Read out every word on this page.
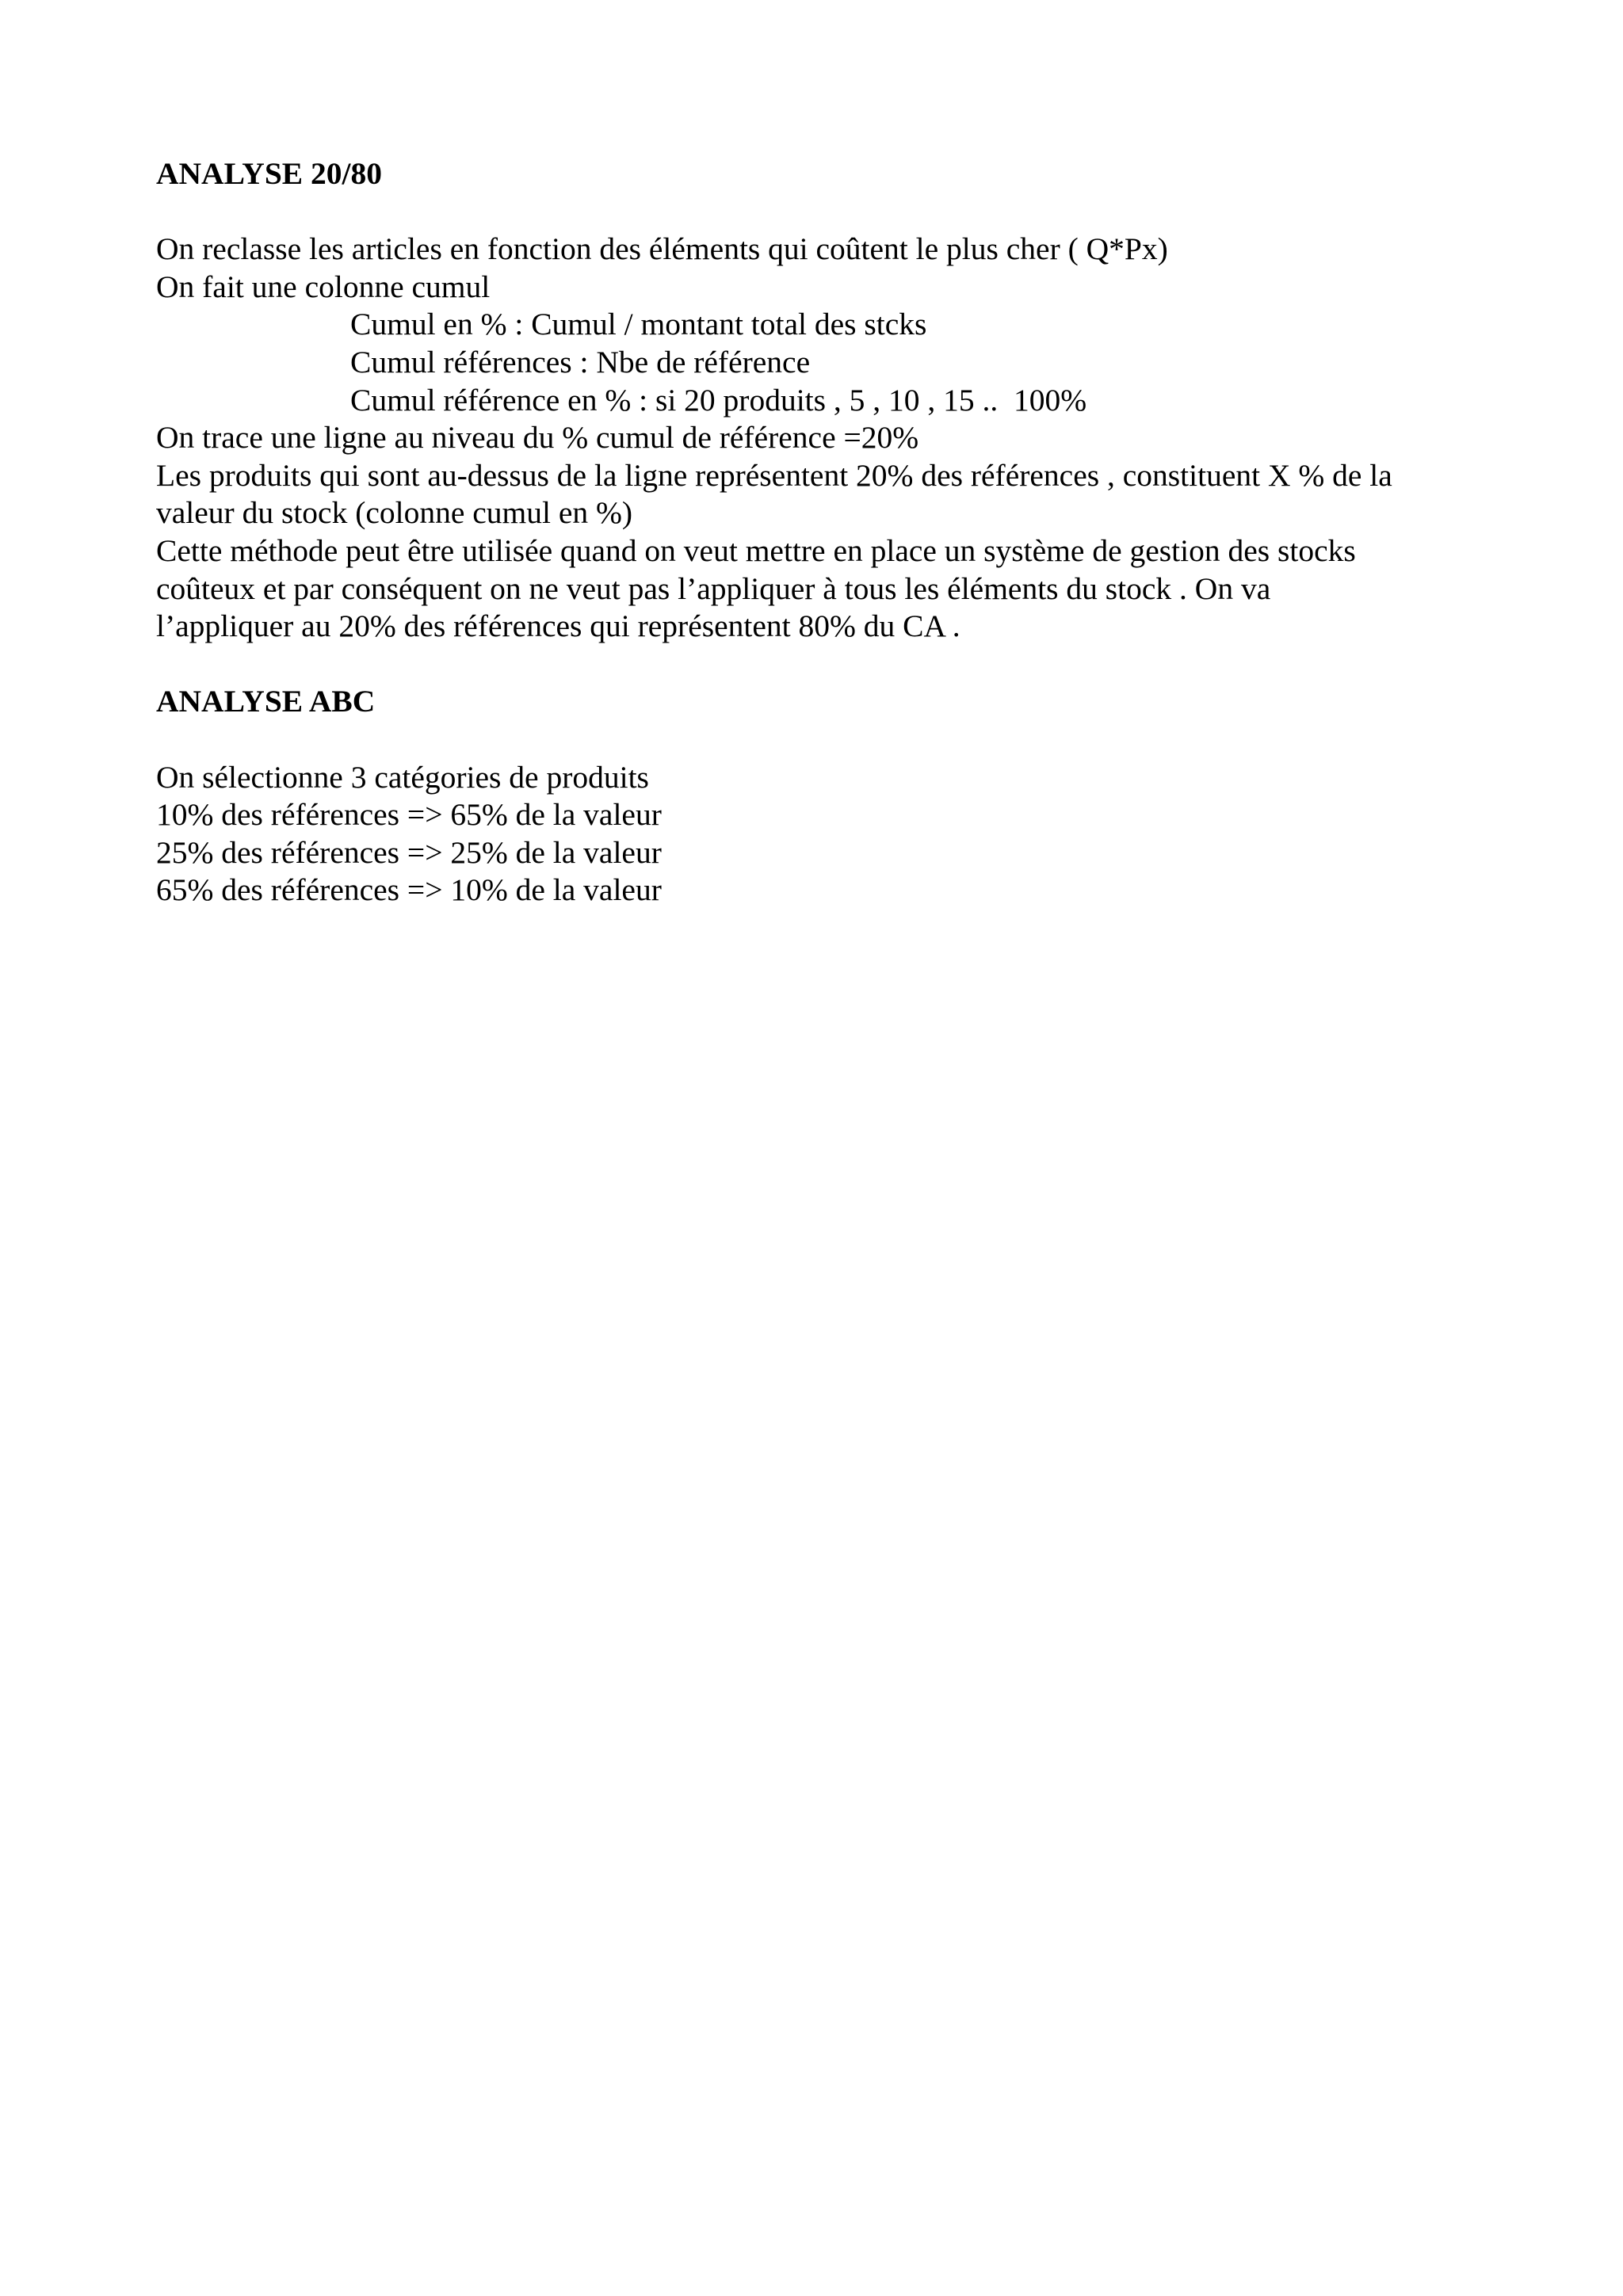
ANALYSE 20/80

On reclasse les articles en fonction des éléments qui coûtent le plus cher ( Q*Px)

On fait une colonne cumul

Cumul en % : Cumul / montant total des stcks

Cumul références : Nbe de référence

Cumul référence en % : si 20 produits , 5 , 10 , 15 ..  100%

On trace une ligne au niveau du % cumul de référence =20%

Les produits qui sont au-dessus de la ligne représentent 20% des références , constituent X % de la

valeur du stock (colonne cumul en %)

Cette méthode peut être utilisée quand on veut mettre en place un système de gestion des stocks

coûteux et par conséquent on ne veut pas l’appliquer à tous les éléments du stock . On va

l’appliquer au 20% des références qui représentent 80% du CA .

ANALYSE ABC

On sélectionne 3 catégories de produits

10% des références => 65% de la valeur

25% des références => 25% de la valeur

65% des références => 10% de la valeur
